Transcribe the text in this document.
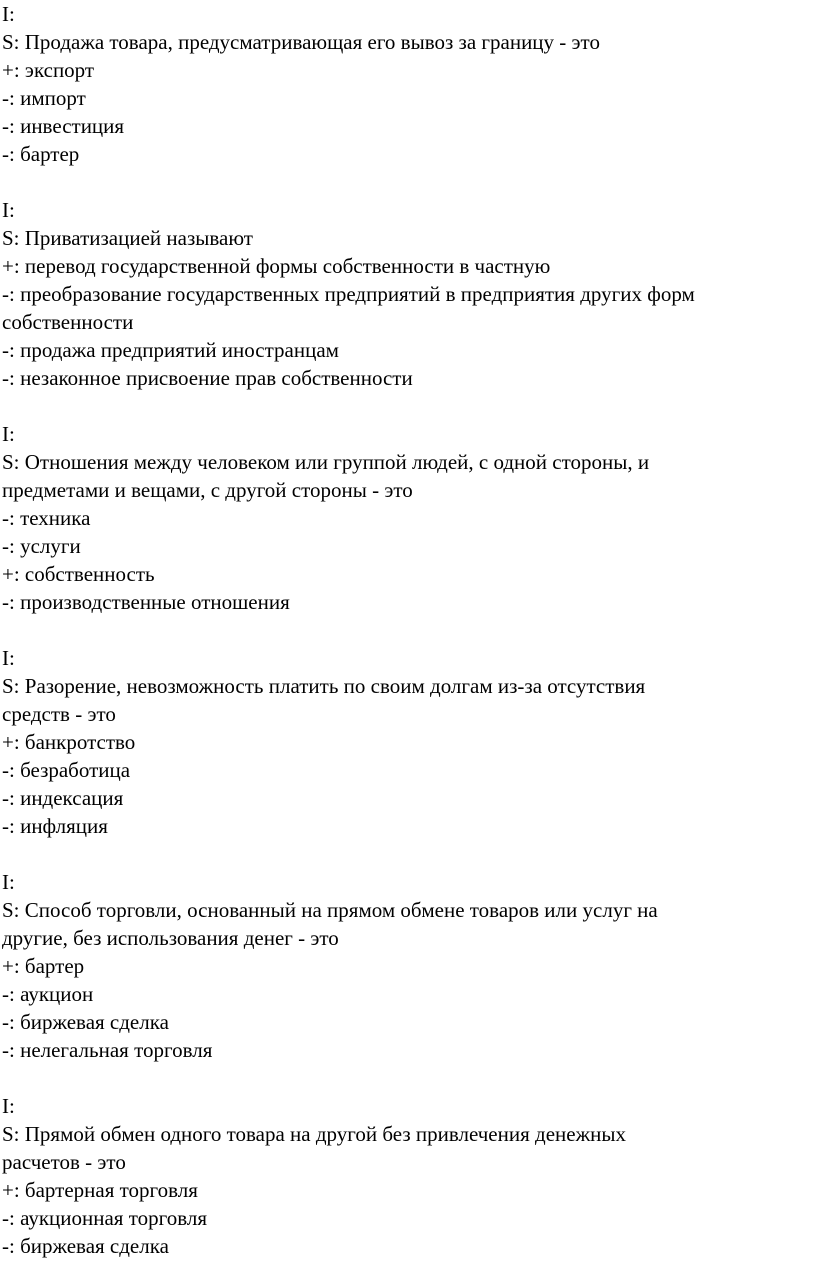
I:

S: Продажа товара, предусматривающая его вывоз за границу - это

+: экспорт

-: импорт

-: инвестиция

-: бартер

I:

S: Приватизацией называют

+: перевод государственной формы собственности в частную

-: преобразование государственных предприятий в предприятия других форм

собственности

-: продажа предприятий иностранцам

-: незаконное присвоение прав собственности

I:

S: Отношения между человеком или группой людей, с одной стороны, и

предметами и вещами, с другой стороны - это

-: техника

-: услуги

+: собственность

-: производственные отношения

I:

S: Разорение, невозможность платить по своим долгам из-за отсутствия

средств - это

+: банкротство

-: безработица

-: индексация

-: инфляция

I:

S: Способ торговли, основанный на прямом обмене товаров или услуг на

другие, без использования денег - это

+: бартер

-: аукцион

-: биржевая сделка

-: нелегальная торговля

I:

S: Прямой обмен одного товара на другой без привлечения денежных

расчетов - это

+: бартерная торговля

-: аукционная торговля

-: биржевая сделка
